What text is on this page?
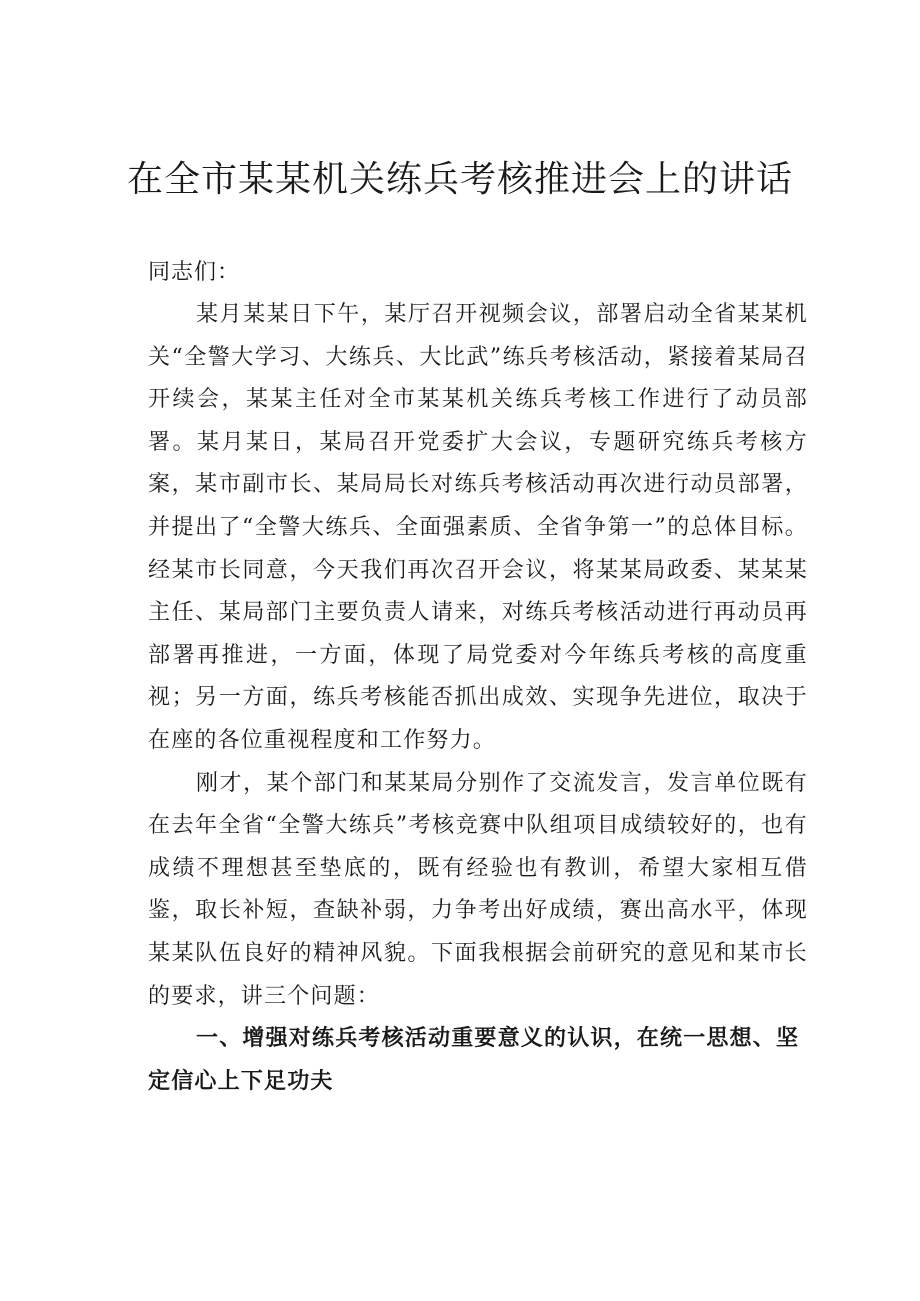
在全市某某机关练兵考核推进会上的讲话

同志们：

某月某某日下午，某厅召开视频会议，部署启动全省某某机关“全警大学习、大练兵、大比武”练兵考核活动，紧接着某局召开续会，某某主任对全市某某机关练兵考核工作进行了动员部署。某月某日，某局召开党委扩大会议，专题研究练兵考核方案，某市副市长、某局局长对练兵考核活动再次进行动员部署，并提出了“全警大练兵、全面强素质、全省争第一”的总体目标。经某市长同意，今天我们再次召开会议，将某某局政委、某某某主任、某局部门主要负责人请来，对练兵考核活动进行再动员再部署再推进，一方面，体现了局党委对今年练兵考核的高度重视；另一方面，练兵考核能否抓出成效、实现争先进位，取决于在座的各位重视程度和工作努力。

刚才，某个部门和某某局分别作了交流发言，发言单位既有在去年全省“全警大练兵”考核竞赛中队组项目成绩较好的，也有成绩不理想甚至垫底的，既有经验也有教训，希望大家相互借鉴，取长补短，查缺补弱，力争考出好成绩，赛出高水平，体现某某队伍良好的精神风貌。下面我根据会前研究的意见和某市长的要求，讲三个问题：

一、增强对练兵考核活动重要意义的认识，在统一思想、坚定信心上下足功夫
